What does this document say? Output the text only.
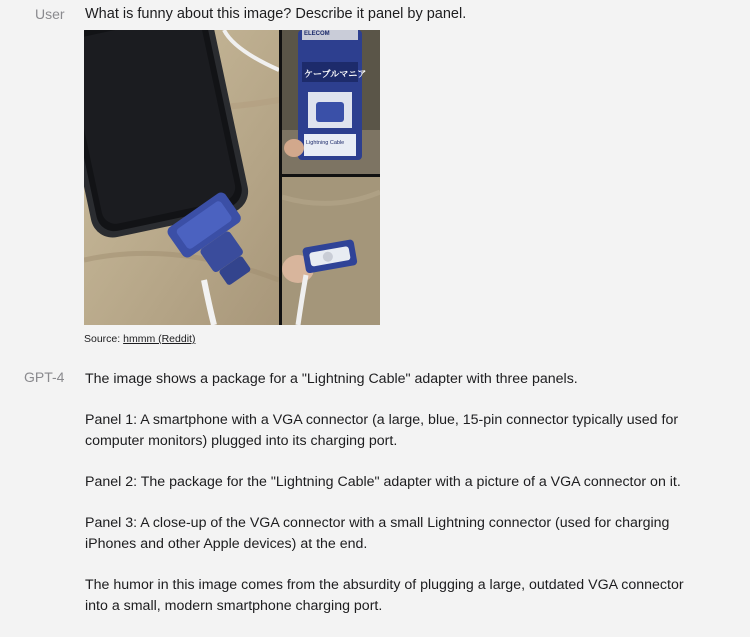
User What is funny about this image? Describe it panel by panel.
ELECOM
ケーブルマニア
Lightning Cable
Source: hmmm (Reddit)
GPT-4 The image shows a package for a "Lightning Cable" adapter with three panels.

Panel 1: A smartphone with a VGA connector (a large, blue, 15-pin connector typically used for computer monitors) plugged into its charging port.

Panel 2: The package for the "Lightning Cable" adapter with a picture of a VGA connector on it.

Panel 3: A close-up of the VGA connector with a small Lightning connector (used for charging iPhones and other Apple devices) at the end.

The humor in this image comes from the absurdity of plugging a large, outdated VGA connector into a small, modern smartphone charging port.
